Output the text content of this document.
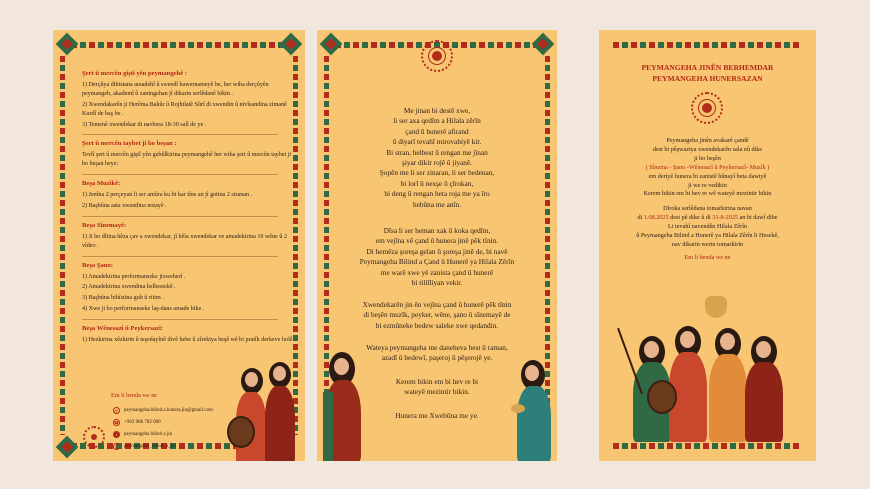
Şert û mercên giştî yên peymangehê :

1) Derçûya dibistana amadehî û sweedî bawernameyê be, her wiha derçûyên peymangeh, akademî û zaningehan jî dikarin serlêdanê bikin .

2) Xwendakarên ji Herêma Bakûr û Rojhilatê Sûrî di xwendin û nivîsandina zimanê Kurdî de baş be .

3) Temenê xwendekar di navbera 18-30 salî de ye .

Şert û mercên taybet ji bo beşan :

Tevlî şert û mercên giştî yên gebûlkirina peymangehê her wiha şert û mercên taybet ji bo beşan heye:

Beşa Muzîkê:

1) Jenîna 2 perçeyan li ser amûra ku bi kar tîne an jî gotina 2 stranan .

2) Başbûna asta xwendina notayê .

Beşa Sînemayê:

1) Ji bo dîtina hêza çav a xwendekar, jî hêla xwendekar ve amadekirina 10 wêne û 2 vîdeo .

Beşa Şano:

1) Amadekirina performanseke jixweberî .

2) Amadekirina xwendina helbestekê .

3) Başbûna bihîstina guh û ritim .

4) Xwe ji bo performanseke laş-dans amade bike .

Beşa Wênesazî û Peykersazî:

1) Hezkirina xêzkirin û teşedayînê divê hebe û zîrekiya beşê wê bi pratîk derkeve holê

Em li benda we ne
@	peymangeha.bilind.a.hunera.jin@gmail.com
☎ +963 986 782 000
f	peymangeha bilind a jin
◎	peymangeha_bilind_a_jin
Me jinan bi destê xwe,
li ser axa qedîm a Hilala zêrîn
çand û hunerê afirand
û diyarî tevahî mirovahiyê kir.
Bi stran, helbest û rengan me jînan
şiyar dikir rojê û jiyanê.
Şopên me li ser zinaran, li ser bedenan,
bi lorî û nexşe û çîrokan,
bi deng û rengan heta roja me ya îro
hebûna me anîn.
Dîsa li ser heman xak û koka qedîm,
em vejîna vê çand û hunera jinê pêk tînin.
Di hemêza şoreşa gelan û şoreşa jinê de, bi navê
Peymangeha Bilind a Çand û Hunerê ya Hilala Zêrîn
me warê xwe yê zanista çand û hunerê
bi tiliîliyan vekir.
Xwendekarên jin ên vejîna çand û hunerê pêk tînin
di beşên muzîk, peyker, wêne, şano û sînemayê de
bi ezmûneke bedew saleke xwe qedandin.
Wateya peymangeha me daneheva hest û raman,
azadî û bedewî, paşeroj û pêşerojê ye.
Kerem bikin em bi hev re bi
wateyê mezintir bikin.
Hunera me Xwebûna me ye.
PEYMANGEHA JINÊN BERHEMDAR
PEYMANGEHA HUNERSAZAN
Peymangeha jinên avakarê çandê
dest bi pêşwaziya xwendekarên sala nû dike
ji bo beşên
( Sînema - Şano -Wênesazî û Peykersazî- Muzîk )
em deriyê hunera bi zanistê hûnayî beta dawiyê
ji we re vedikin
Kerem bikin em bi hev re wê wateyê mezintir bikin
Dîroka serlêdana tomarkirina navan
di 1.08.2025 dest pê dike û di 31-8-2025 an bi dawî dibe
Li tevahî navendên Hilala Zêrîn
û Peymangeha Bilind a Hunerê ya Hilala Zêrîn li Hesekê,
nav dikarin werin tomarkirin
Em li benda we ne
